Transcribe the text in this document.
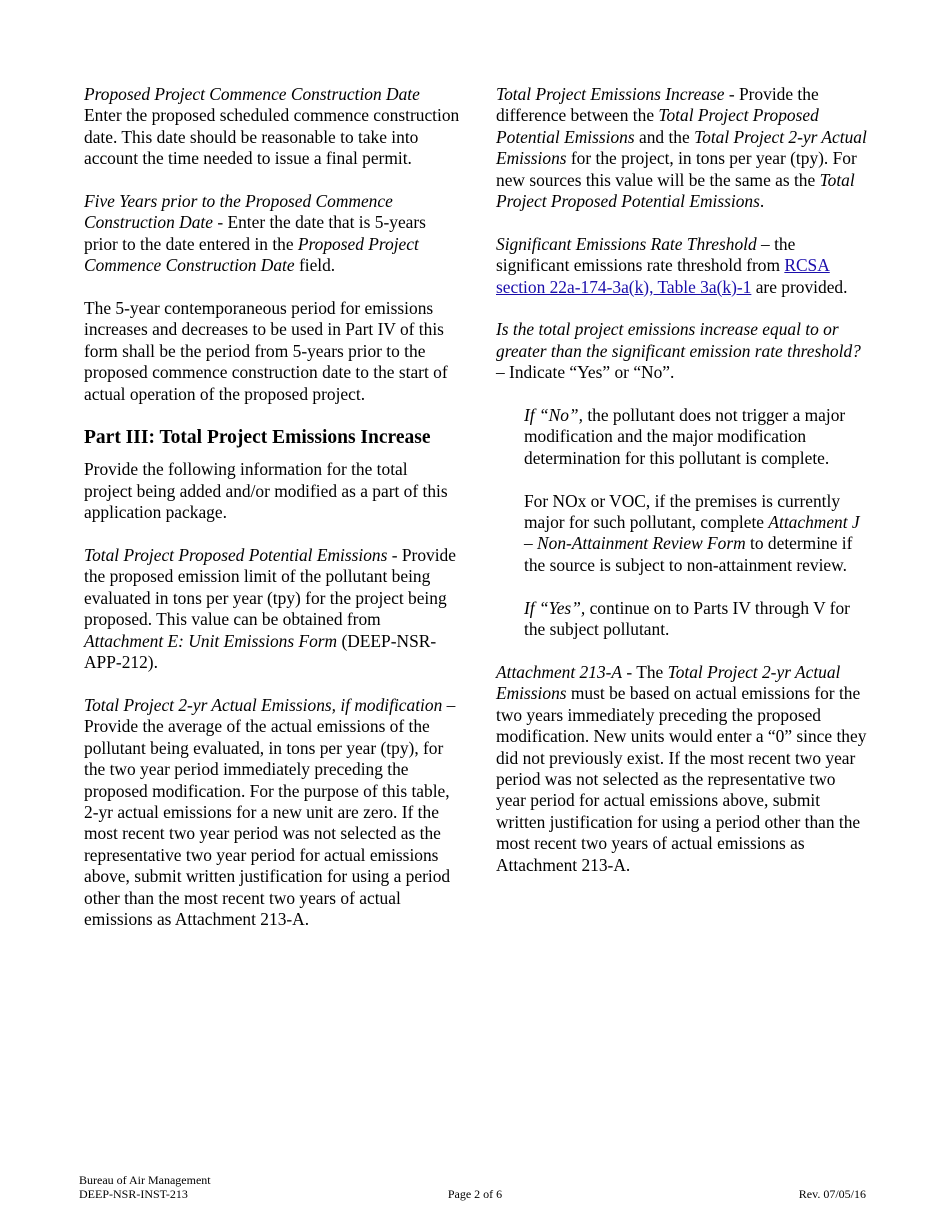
Proposed Project Commence Construction Date
Enter the proposed scheduled commence construction date. This date should be reasonable to take into account the time needed to issue a final permit.

Five Years prior to the Proposed Commence Construction Date - Enter the date that is 5-years prior to the date entered in the Proposed Project Commence Construction Date field.

The 5-year contemporaneous period for emissions increases and decreases to be used in Part IV of this form shall be the period from 5-years prior to the proposed commence construction date to the start of actual operation of the proposed project.

Part III: Total Project Emissions Increase

Provide the following information for the total project being added and/or modified as a part of this application package.

Total Project Proposed Potential Emissions - Provide the proposed emission limit of the pollutant being evaluated in tons per year (tpy) for the project being proposed. This value can be obtained from Attachment E: Unit Emissions Form (DEEP-NSR-APP-212).

Total Project 2-yr Actual Emissions, if modification – Provide the average of the actual emissions of the pollutant being evaluated, in tons per year (tpy), for the two year period immediately preceding the proposed modification. For the purpose of this table, 2-yr actual emissions for a new unit are zero. If the most recent two year period was not selected as the representative two year period for actual emissions above, submit written justification for using a period other than the most recent two years of actual emissions as Attachment 213-A.

Total Project Emissions Increase - Provide the difference between the Total Project Proposed Potential Emissions and the Total Project 2-yr Actual Emissions for the project, in tons per year (tpy). For new sources this value will be the same as the Total Project Proposed Potential Emissions.

Significant Emissions Rate Threshold – the significant emissions rate threshold from RCSA section 22a-174-3a(k), Table 3a(k)-1 are provided.

Is the total project emissions increase equal to or greater than the significant emission rate threshold? – Indicate “Yes” or “No”.

If “No”, the pollutant does not trigger a major modification and the major modification determination for this pollutant is complete.

For NOx or VOC, if the premises is currently major for such pollutant, complete Attachment J – Non-Attainment Review Form to determine if the source is subject to non-attainment review.

If “Yes”, continue on to Parts IV through V for the subject pollutant.

Attachment 213-A - The Total Project 2-yr Actual Emissions must be based on actual emissions for the two years immediately preceding the proposed modification. New units would enter a “0” since they did not previously exist. If the most recent two year period was not selected as the representative two year period for actual emissions above, submit written justification for using a period other than the most recent two years of actual emissions as Attachment 213-A.

Bureau of Air Management
DEEP-NSR-INST-213	Page 2 of 6	Rev. 07/05/16
